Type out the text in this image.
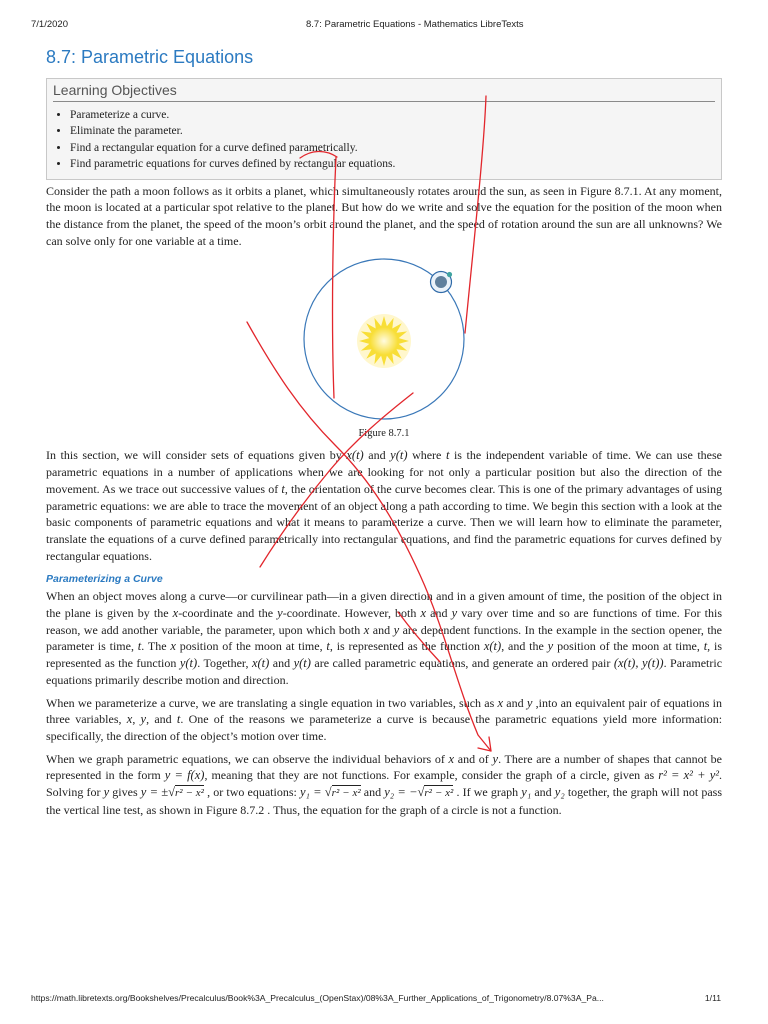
7/1/2020	8.7: Parametric Equations - Mathematics LibreTexts
8.7: Parametric Equations
Learning Objectives
• Parameterize a curve.
• Eliminate the parameter.
• Find a rectangular equation for a curve defined parametrically.
• Find parametric equations for curves defined by rectangular equations.

Consider the path a moon follows as it orbits a planet, which simultaneously rotates around the sun, as seen in Figure 8.7.1. At any moment, the moon is located at a particular spot relative to the planet. But how do we write and solve the equation for the position of the moon when the distance from the planet, the speed of the moon’s orbit around the planet, and the speed of rotation around the sun are all unknowns? We can solve only for one variable at a time.

Figure 8.7.1

In this section, we will consider sets of equations given by x(t) and y(t) where t is the independent variable of time. We can use these parametric equations in a number of applications when we are looking for not only a particular position but also the direction of the movement. As we trace out successive values of t, the orientation of the curve becomes clear. This is one of the primary advantages of using parametric equations: we are able to trace the movement of an object along a path according to time. We begin this section with a look at the basic components of parametric equations and what it means to parameterize a curve. Then we will learn how to eliminate the parameter, translate the equations of a curve defined parametrically into rectangular equations, and find the parametric equations for curves defined by rectangular equations.

Parameterizing a Curve

When an object moves along a curve—or curvilinear path—in a given direction and in a given amount of time, the position of the object in the plane is given by the x-coordinate and the y-coordinate. However, both x and y vary over time and so are functions of time. For this reason, we add another variable, the parameter, upon which both x and y are dependent functions. In the example in the section opener, the parameter is time, t. The x position of the moon at time, t, is represented as the function x(t), and the y position of the moon at time, t, is represented as the function y(t). Together, x(t) and y(t) are called parametric equations, and generate an ordered pair (x(t), y(t)). Parametric equations primarily describe motion and direction.

When we parameterize a curve, we are translating a single equation in two variables, such as x and y ,into an equivalent pair of equations in three variables, x, y, and t. One of the reasons we parameterize a curve is because the parametric equations yield more information: specifically, the direction of the object’s motion over time.

When we graph parametric equations, we can observe the individual behaviors of x and of y. There are a number of shapes that cannot be represented in the form y = f(x), meaning that they are not functions. For example, consider the graph of a circle, given as r² = x² + y². Solving for y gives y = ±√r² − x² , or two equations: y₁ = √r² − x² and y₂ = −√r² − x² . If we graph y₁ and y₂ together, the graph will not pass the vertical line test, as shown in Figure 8.7.2 . Thus, the equation for the graph of a circle is not a function.

https://math.libretexts.org/Bookshelves/Precalculus/Book%3A_Precalculus_(OpenStax)/08%3A_Further_Applications_of_Trigonometry/8.07%3A_Pa...	1/11
